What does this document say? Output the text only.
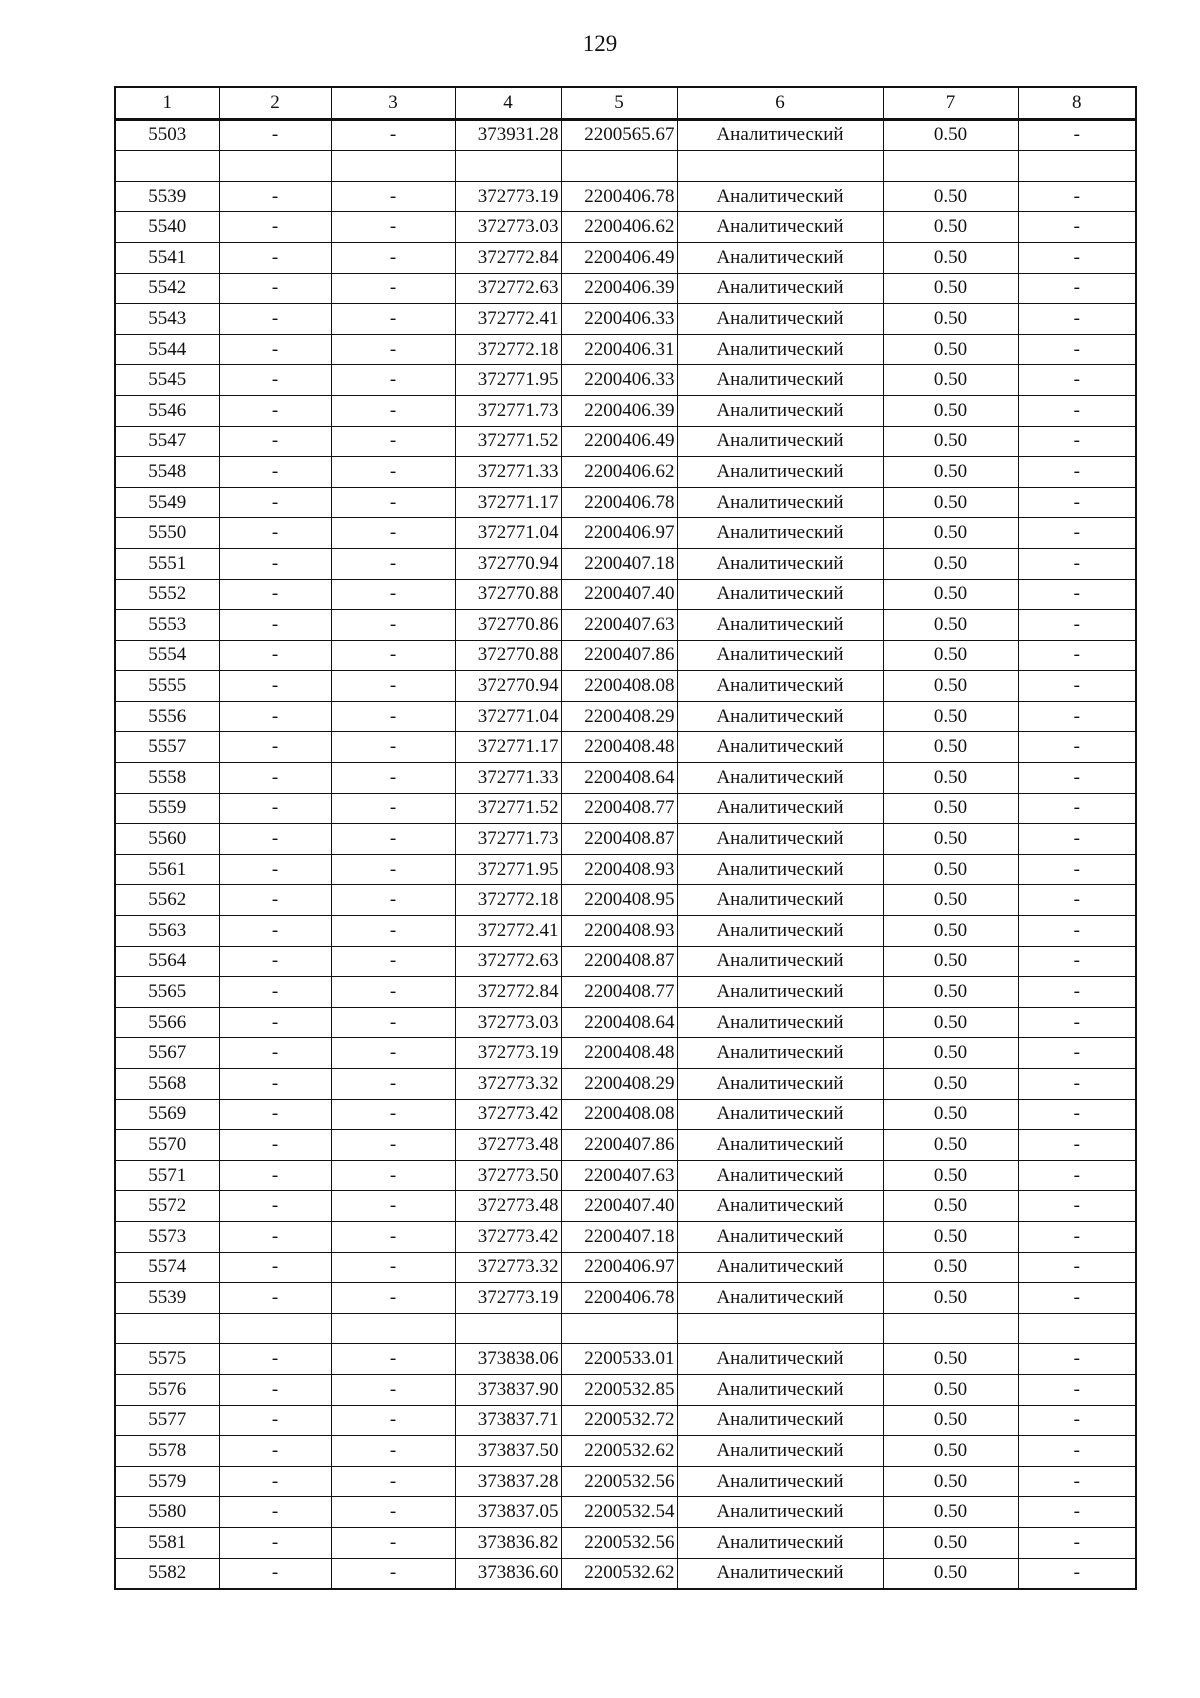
129
1	2	3	4	5	6	7	8
5503	-	-	373931.28	2200565.67	Аналитический	0.50	-

5539	-	-	372773.19	2200406.78	Аналитический	0.50	-
5540	-	-	372773.03	2200406.62	Аналитический	0.50	-
5541	-	-	372772.84	2200406.49	Аналитический	0.50	-
5542	-	-	372772.63	2200406.39	Аналитический	0.50	-
5543	-	-	372772.41	2200406.33	Аналитический	0.50	-
5544	-	-	372772.18	2200406.31	Аналитический	0.50	-
5545	-	-	372771.95	2200406.33	Аналитический	0.50	-
5546	-	-	372771.73	2200406.39	Аналитический	0.50	-
5547	-	-	372771.52	2200406.49	Аналитический	0.50	-
5548	-	-	372771.33	2200406.62	Аналитический	0.50	-
5549	-	-	372771.17	2200406.78	Аналитический	0.50	-
5550	-	-	372771.04	2200406.97	Аналитический	0.50	-
5551	-	-	372770.94	2200407.18	Аналитический	0.50	-
5552	-	-	372770.88	2200407.40	Аналитический	0.50	-
5553	-	-	372770.86	2200407.63	Аналитический	0.50	-
5554	-	-	372770.88	2200407.86	Аналитический	0.50	-
5555	-	-	372770.94	2200408.08	Аналитический	0.50	-
5556	-	-	372771.04	2200408.29	Аналитический	0.50	-
5557	-	-	372771.17	2200408.48	Аналитический	0.50	-
5558	-	-	372771.33	2200408.64	Аналитический	0.50	-
5559	-	-	372771.52	2200408.77	Аналитический	0.50	-
5560	-	-	372771.73	2200408.87	Аналитический	0.50	-
5561	-	-	372771.95	2200408.93	Аналитический	0.50	-
5562	-	-	372772.18	2200408.95	Аналитический	0.50	-
5563	-	-	372772.41	2200408.93	Аналитический	0.50	-
5564	-	-	372772.63	2200408.87	Аналитический	0.50	-
5565	-	-	372772.84	2200408.77	Аналитический	0.50	-
5566	-	-	372773.03	2200408.64	Аналитический	0.50	-
5567	-	-	372773.19	2200408.48	Аналитический	0.50	-
5568	-	-	372773.32	2200408.29	Аналитический	0.50	-
5569	-	-	372773.42	2200408.08	Аналитический	0.50	-
5570	-	-	372773.48	2200407.86	Аналитический	0.50	-
5571	-	-	372773.50	2200407.63	Аналитический	0.50	-
5572	-	-	372773.48	2200407.40	Аналитический	0.50	-
5573	-	-	372773.42	2200407.18	Аналитический	0.50	-
5574	-	-	372773.32	2200406.97	Аналитический	0.50	-
5539	-	-	372773.19	2200406.78	Аналитический	0.50	-

5575	-	-	373838.06	2200533.01	Аналитический	0.50	-
5576	-	-	373837.90	2200532.85	Аналитический	0.50	-
5577	-	-	373837.71	2200532.72	Аналитический	0.50	-
5578	-	-	373837.50	2200532.62	Аналитический	0.50	-
5579	-	-	373837.28	2200532.56	Аналитический	0.50	-
5580	-	-	373837.05	2200532.54	Аналитический	0.50	-
5581	-	-	373836.82	2200532.56	Аналитический	0.50	-
5582	-	-	373836.60	2200532.62	Аналитический	0.50	-
